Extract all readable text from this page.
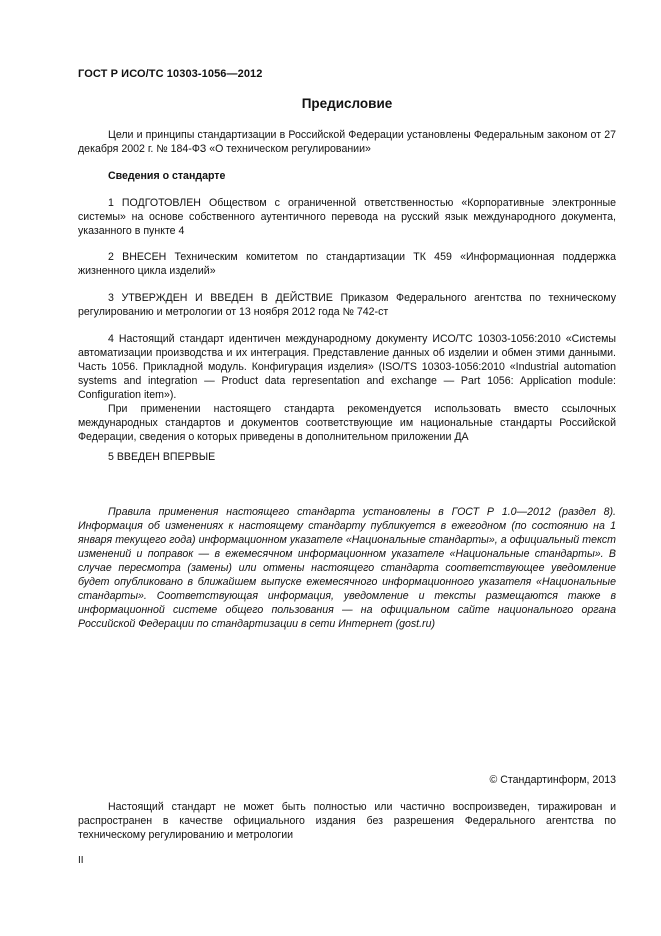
ГОСТ Р ИСО/ТС 10303-1056—2012
Предисловие

Цели и принципы стандартизации в Российской Федерации установлены Федеральным законом от 27 декабря 2002 г. № 184-ФЗ «О техническом регулировании»

Сведения о стандарте

1 ПОДГОТОВЛЕН Обществом с ограниченной ответственностью «Корпоративные электронные системы» на основе собственного аутентичного перевода на русский язык международного документа, указанного в пункте 4

2 ВНЕСЕН Техническим комитетом по стандартизации ТК 459 «Информационная поддержка жизненного цикла изделий»

3 УТВЕРЖДЕН И ВВЕДЕН В ДЕЙСТВИЕ Приказом Федерального агентства по техническому регулированию и метрологии от 13 ноября 2012 года № 742-ст

4 Настоящий стандарт идентичен международному документу ИСО/ТС 10303-1056:2010 «Системы автоматизации производства и их интеграция. Представление данных об изделии и обмен этими данными. Часть 1056. Прикладной модуль. Конфигурация изделия» (ISO/TS 10303-1056:2010 «Industrial automation systems and integration — Product data representation and exchange — Part 1056: Application module: Configuration item»).

При применении настоящего стандарта рекомендуется использовать вместо ссылочных международных стандартов и документов соответствующие им национальные стандарты Российской Федерации, сведения о которых приведены в дополнительном приложении ДА

5 ВВЕДЕН ВПЕРВЫЕ

Правила применения настоящего стандарта установлены в ГОСТ Р 1.0—2012 (раздел 8). Информация об изменениях к настоящему стандарту публикуется в ежегодном (по состоянию на 1 января текущего года) информационном указателе «Национальные стандарты», а официальный текст изменений и поправок — в ежемесячном информационном указателе «Национальные стандарты». В случае пересмотра (замены) или отмены настоящего стандарта соответствующее уведомление будет опубликовано в ближайшем выпуске ежемесячного информационного указателя «Национальные стандарты». Соответствующая информация, уведомление и тексты размещаются также в информационной системе общего пользования — на официальном сайте национального органа Российской Федерации по стандартизации в сети Интернет (gost.ru)

© Стандартинформ, 2013

Настоящий стандарт не может быть полностью или частично воспроизведен, тиражирован и распространен в качестве официального издания без разрешения Федерального агентства по техническому регулированию и метрологии

II
